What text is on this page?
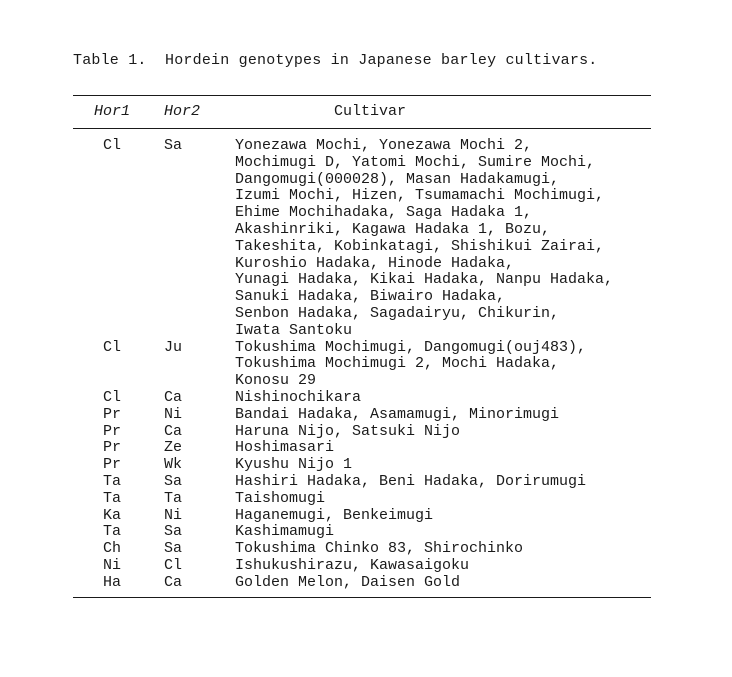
Table 1.  Hordein genotypes in Japanese barley cultivars.
Hor1 Hor2	Cultivar
Cl	Sa	Yonezawa Mochi, Yonezawa Mochi 2,
Mochimugi D, Yatomi Mochi, Sumire Mochi,
Dangomugi(000028), Masan Hadakamugi,
Izumi Mochi, Hizen, Tsumamachi Mochimugi,
Ehime Mochihadaka, Saga Hadaka 1,
Akashinriki, Kagawa Hadaka 1, Bozu,
Takeshita, Kobinkatagi, Shishikui Zairai,
Kuroshio Hadaka, Hinode Hadaka,
Yunagi Hadaka, Kikai Hadaka, Nanpu Hadaka,
Sanuki Hadaka, Biwairo Hadaka,
Senbon Hadaka, Sagadairyu, Chikurin,
Iwata Santoku
Cl	Ju	Tokushima Mochimugi, Dangomugi(ouj483),
Tokushima Mochimugi 2, Mochi Hadaka,
Konosu 29
Cl	Ca	Nishinochikara
Pr	Ni	Bandai Hadaka, Asamamugi, Minorimugi
Pr	Ca	Haruna Nijo, Satsuki Nijo
Pr	Ze	Hoshimasari
Pr	Wk	Kyushu Nijo 1
Ta	Sa	Hashiri Hadaka, Beni Hadaka, Dorirumugi
Ta	Ta	Taishomugi
Ka	Ni	Haganemugi, Benkeimugi
Ta	Sa	Kashimamugi
Ch	Sa	Tokushima Chinko 83, Shirochinko
Ni	Cl	Ishukushirazu, Kawasaigoku
Ha	Ca	Golden Melon, Daisen Gold
